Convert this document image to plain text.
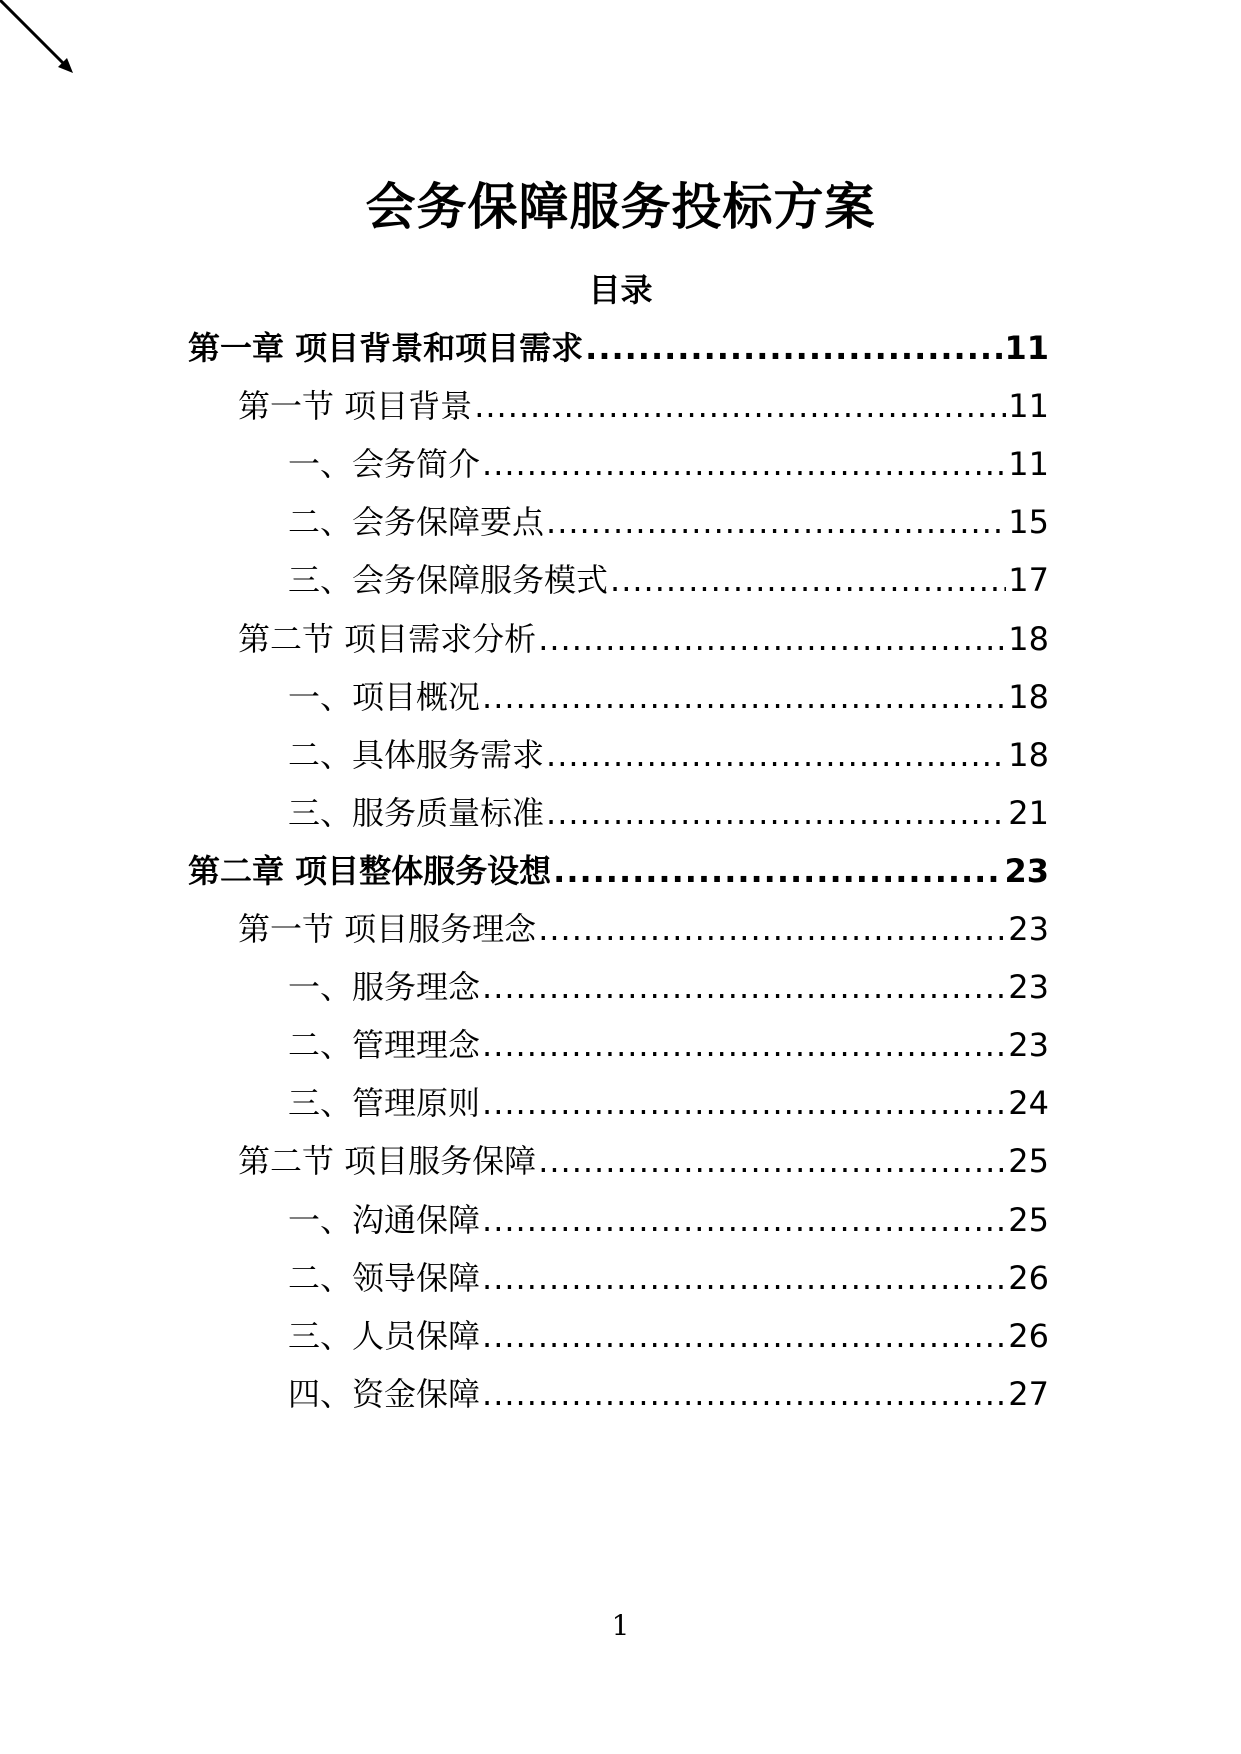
会务保障服务投标方案
目录
第一章 项目背景和项目需求 .....	11
第一节 项目背景 .....	11
一、会务简介 .....	11
二、会务保障要点 .....	15
三、会务保障服务模式 .....	17
第二节 项目需求分析 .....	18
一、项目概况 .....	18
二、具体服务需求 .....	18
三、服务质量标准 .....	21
第二章 项目整体服务设想 .....	23
第一节 项目服务理念 .....	23
一、服务理念 .....	23
二、管理理念 .....	23
三、管理原则 .....	24
第二节 项目服务保障 .....	25
一、沟通保障 .....	25
二、领导保障 .....	26
三、人员保障 .....	26
四、资金保障 .....	27
1
